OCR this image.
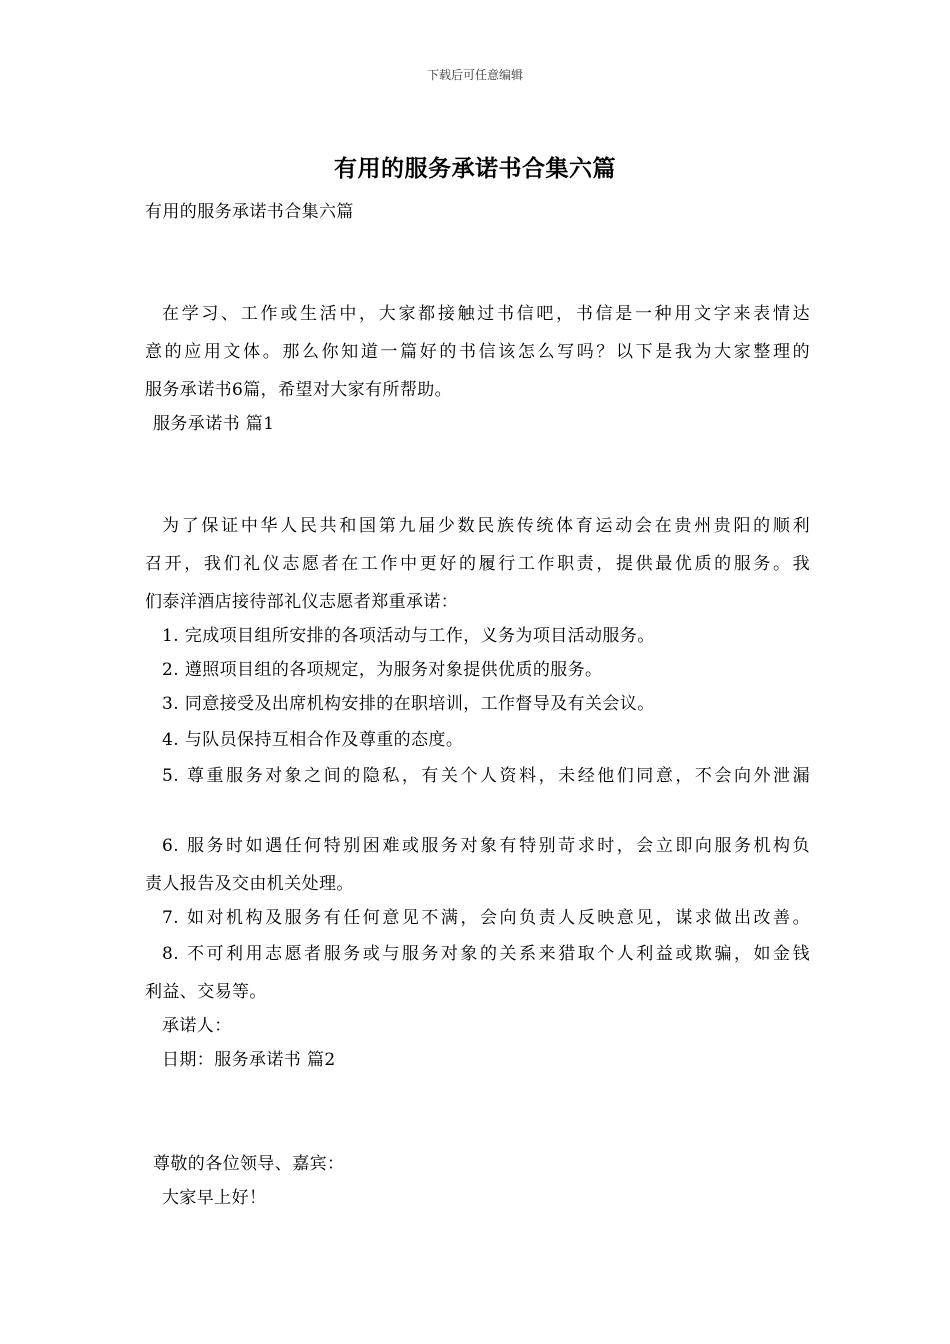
下载后可任意编辑
有用的服务承诺书合集六篇
有用的服务承诺书合集六篇
在学习、工作或生活中，大家都接触过书信吧，书信是一种用文字来表情达
意的应用文体。那么你知道一篇好的书信该怎么写吗？以下是我为大家整理的
服务承诺书6篇，希望对大家有所帮助。
服务承诺书 篇1
为了保证中华人民共和国第九届少数民族传统体育运动会在贵州贵阳的顺利
召开，我们礼仪志愿者在工作中更好的履行工作职责，提供最优质的服务。我
们泰洋酒店接待部礼仪志愿者郑重承诺：
1. 完成项目组所安排的各项活动与工作，义务为项目活动服务。
2. 遵照项目组的各项规定，为服务对象提供优质的服务。
3. 同意接受及出席机构安排的在职培训，工作督导及有关会议。
4. 与队员保持互相合作及尊重的态度。
5. 尊重服务对象之间的隐私，有关个人资料，未经他们同意，不会向外泄漏
6. 服务时如遇任何特别困难或服务对象有特别苛求时，会立即向服务机构负
责人报告及交由机关处理。
7. 如对机构及服务有任何意见不满，会向负责人反映意见，谋求做出改善。
8. 不可利用志愿者服务或与服务对象的关系来猎取个人利益或欺骗，如金钱
利益、交易等。
承诺人：
日期：服务承诺书 篇2
尊敬的各位领导、嘉宾：
大家早上好！
